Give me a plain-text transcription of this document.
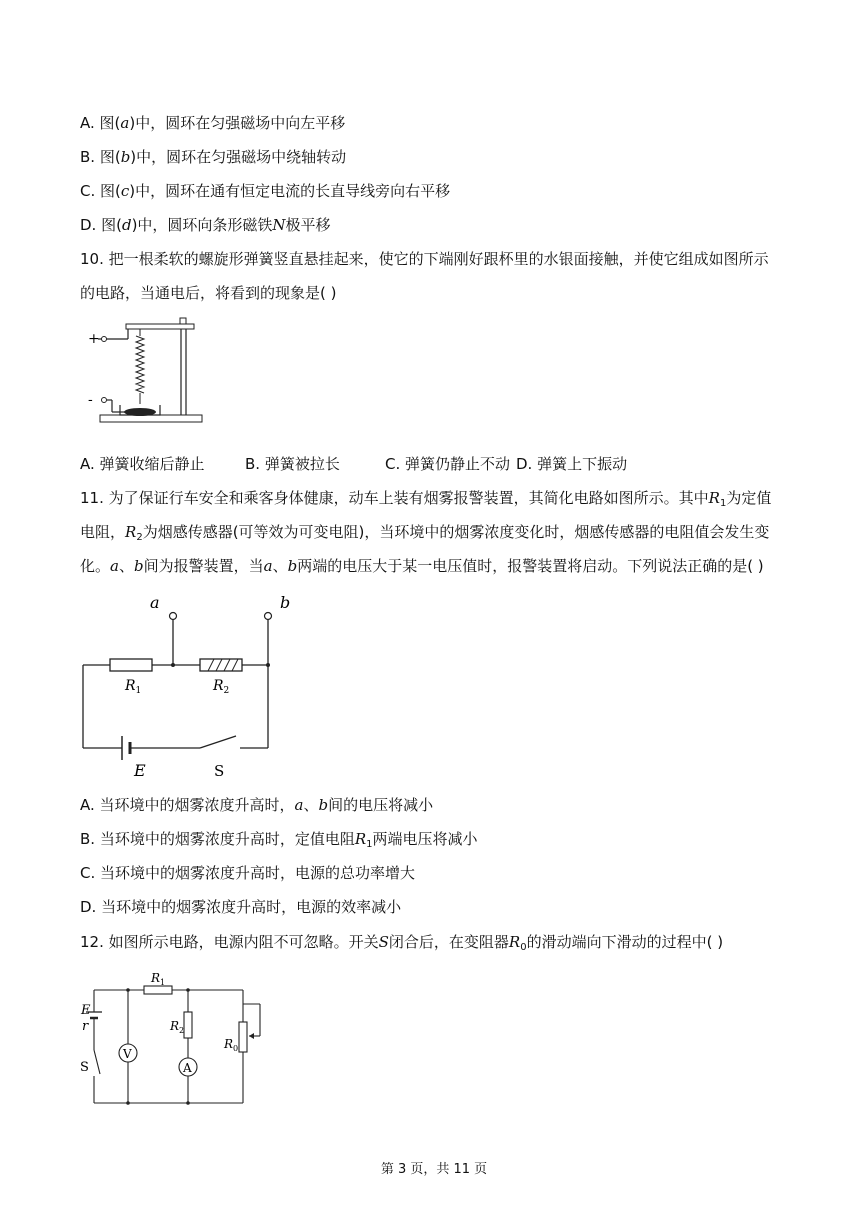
A. 图(a)中，圆环在匀强磁场中向左平移
B. 图(b)中，圆环在匀强磁场中绕轴转动
C. 图(c)中，圆环在通有恒定电流的长直导线旁向右平移
D. 图(d)中，圆环向条形磁铁N极平移
10. 把一根柔软的螺旋形弹簧竖直悬挂起来，使它的下端刚好跟杯里的水银面接触，并使它组成如图所示
的电路，当通电后，将看到的现象是( )
+
-
A. 弹簧收缩后静止	B. 弹簧被拉长	C. 弹簧仍静止不动 D. 弹簧上下振动
11. 为了保证行车安全和乘客身体健康，动车上装有烟雾报警装置，其简化电路如图所示。其中$R_1$为定值
电阻，$R_2$为烟感传感器(可等效为可变电阻)，当环境中的烟雾浓度变化时，烟感传感器的电阻值会发生变
化。a、b间为报警装置，当a、b两端的电压大于某一电压值时，报警装置将启动。下列说法正确的是( )
a	b
$R_1$	$R_2$
E	S
A. 当环境中的烟雾浓度升高时，a、b间的电压将减小
B. 当环境中的烟雾浓度升高时，定值电阻$R_1$两端电压将减小
C. 当环境中的烟雾浓度升高时，电源的总功率增大
D. 当环境中的烟雾浓度升高时，电源的效率减小
12. 如图所示电路，电源内阻不可忽略。开关S闭合后，在变阻器$R_0$的滑动端向下滑动的过程中( )
$R_1$
E
r
S
V
A
$R_2$
$R_0$
第 3 页，共 11 页
